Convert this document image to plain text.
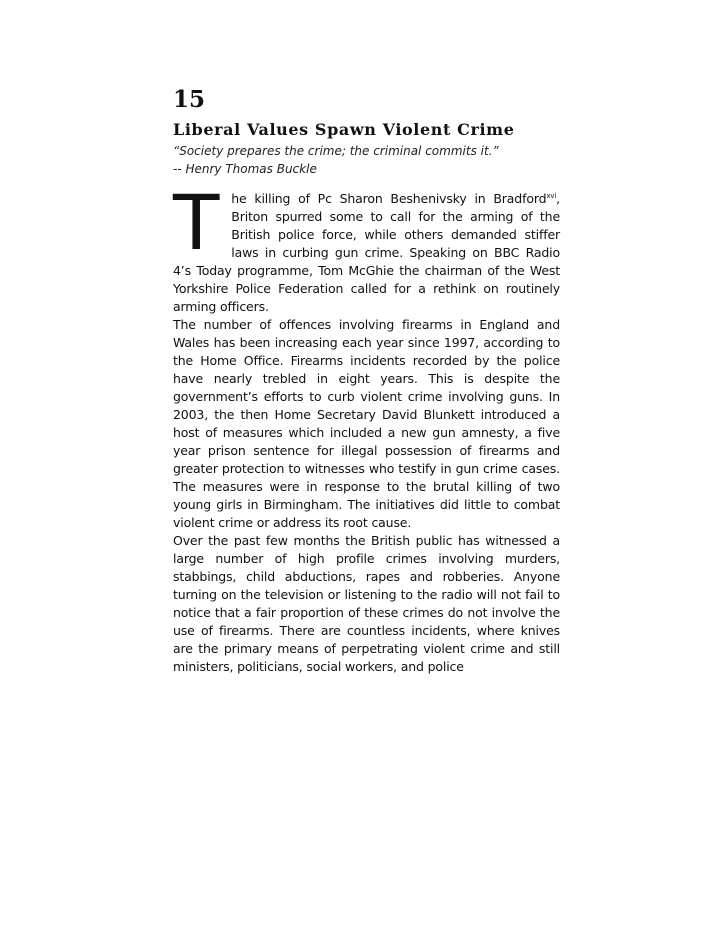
15
Liberal Values Spawn Violent Crime
“Society prepares the crime; the criminal commits it.”
-- Henry Thomas Buckle

The killing of Pc Sharon Beshenivsky in Bradford$^{xvi}$, Briton spurred some to call for the arming of the British police force, while others demanded stiffer laws in curbing gun crime. Speaking on BBC Radio 4’s Today programme, Tom McGhie the chairman of the West Yorkshire Police Federation called for a rethink on routinely arming officers.

The number of offences involving firearms in England and Wales has been increasing each year since 1997, according to the Home Office. Firearms incidents recorded by the police have nearly trebled in eight years. This is despite the government’s efforts to curb violent crime involving guns. In 2003, the then Home Secretary David Blunkett introduced a host of measures which included a new gun amnesty, a five year prison sentence for illegal possession of firearms and greater protection to witnesses who testify in gun crime cases. The measures were in response to the brutal killing of two young girls in Birmingham. The initiatives did little to combat violent crime or address its root cause.

Over the past few months the British public has witnessed a large number of high profile crimes involving murders, stabbings, child abductions, rapes and robberies. Anyone turning on the television or listening to the radio will not fail to notice that a fair proportion of these crimes do not involve the use of firearms. There are countless incidents, where knives are the primary means of perpetrating violent crime and still ministers, politicians, social workers, and police
